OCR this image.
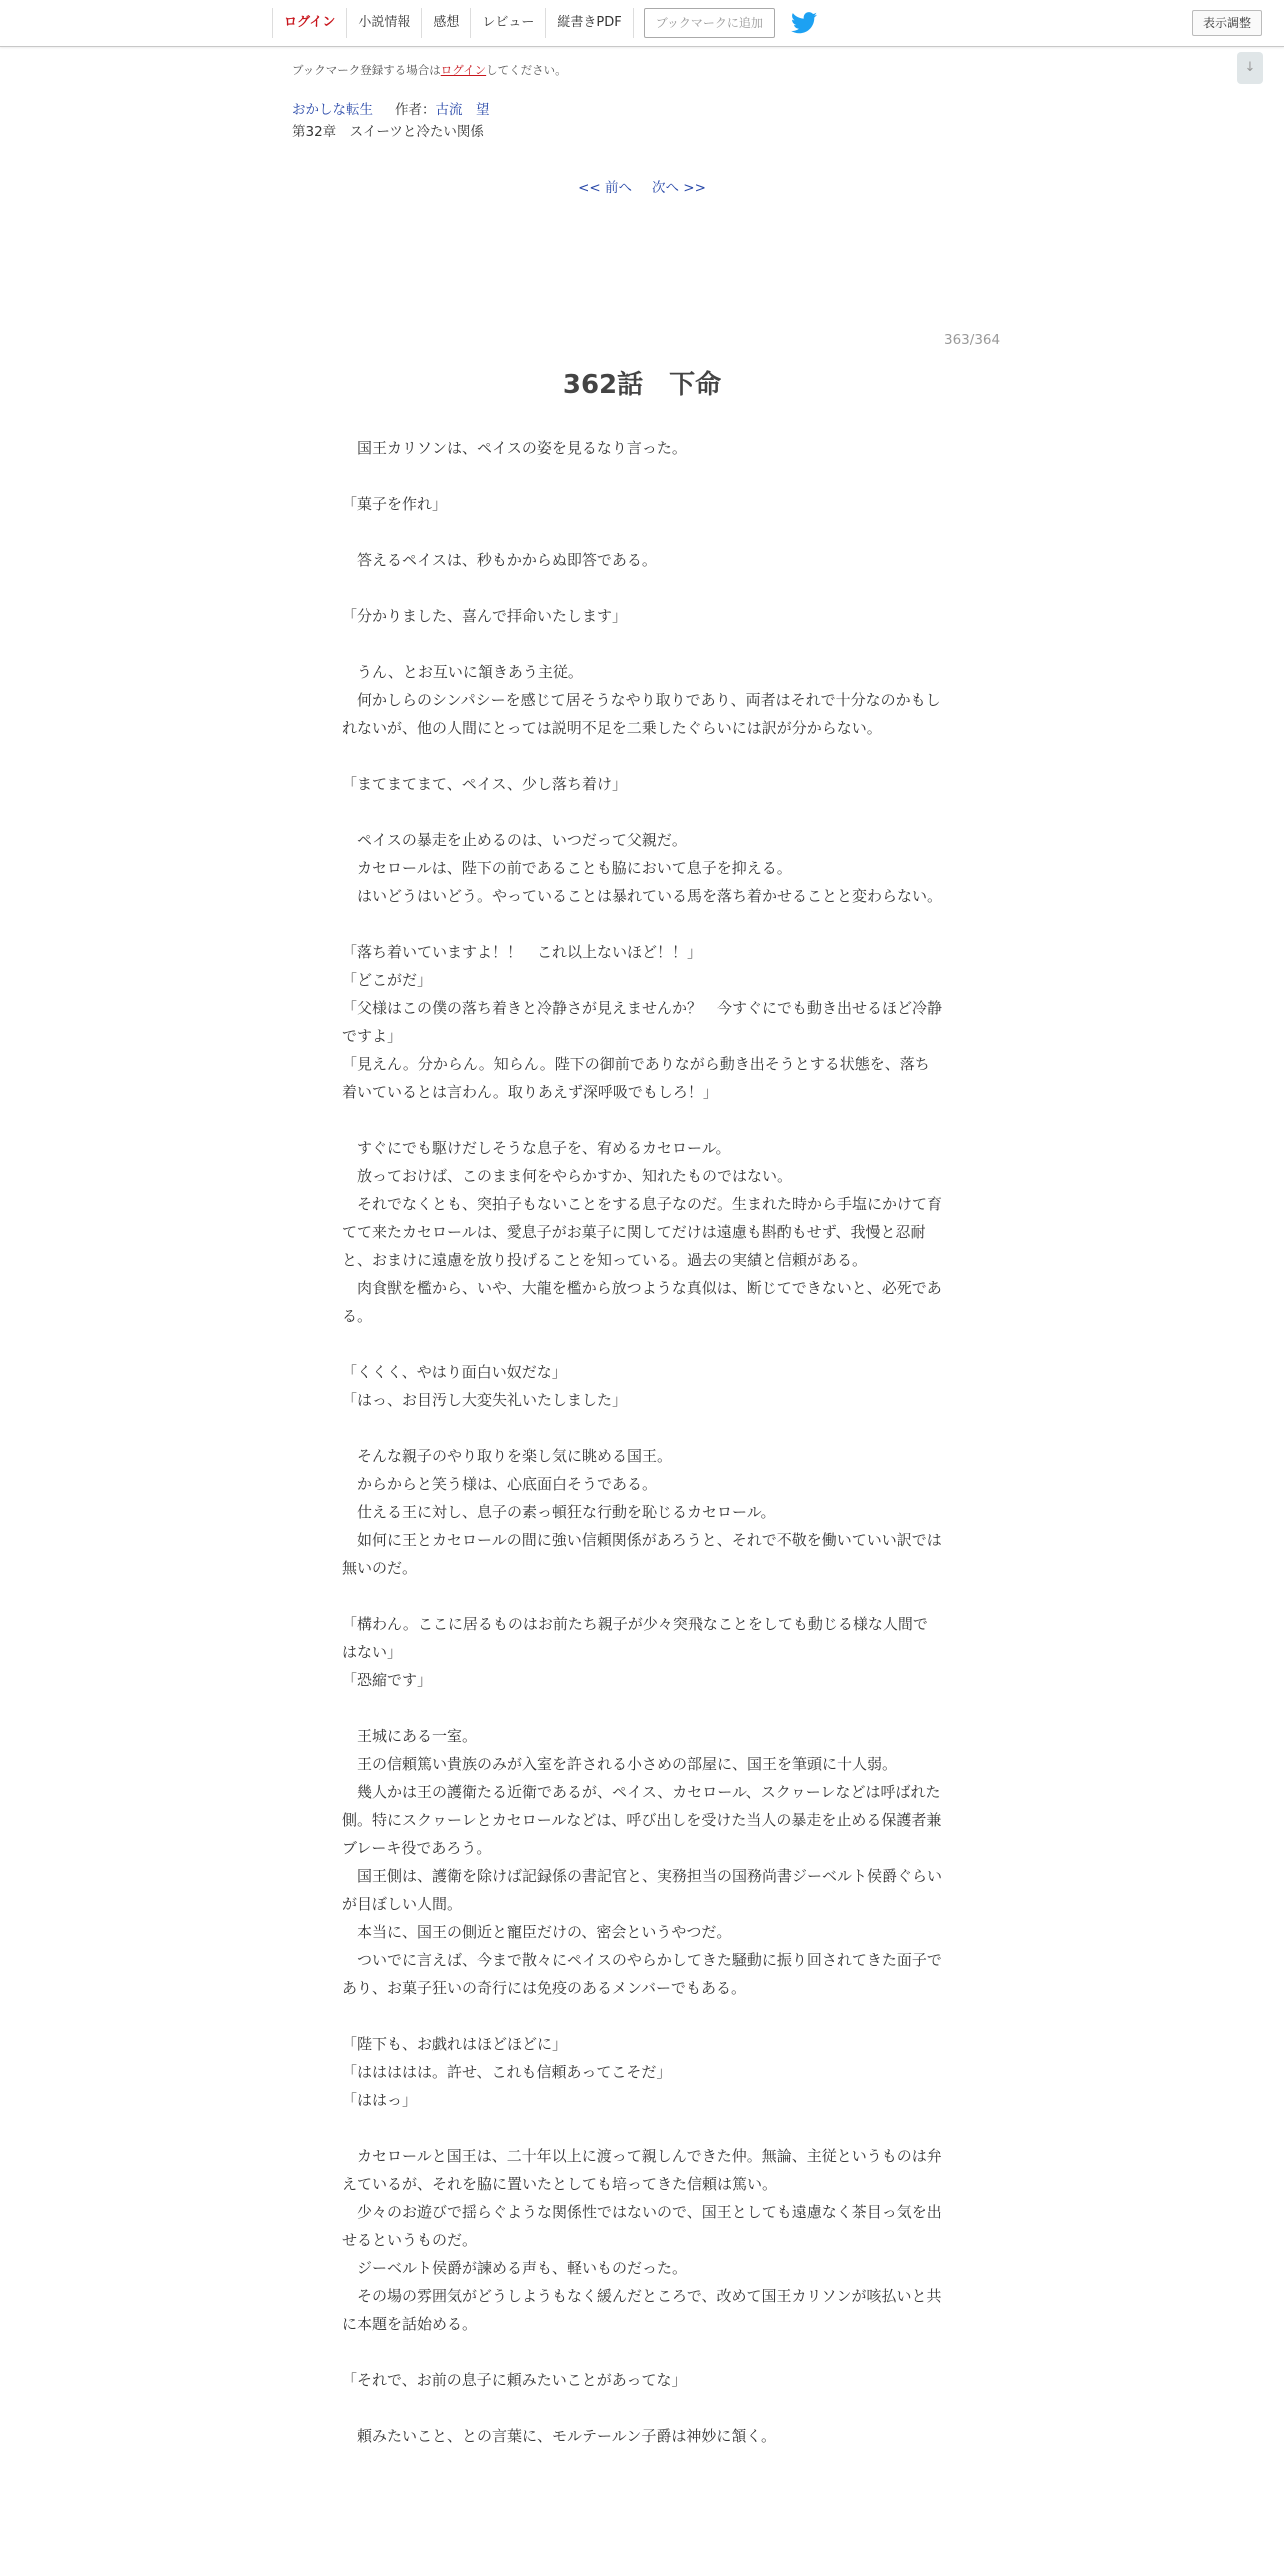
ログイン	小説情報	感想	レビュー	縦書きPDF	ブックマークに追加	表示調整
↓
ブックマーク登録する場合はログインしてください。
おかしな転生 作者：古流　望
第32章　スイーツと冷たい関係
<< 前へ 次へ >>
363/364
362話　下命

　国王カリソンは、ペイスの姿を見るなり言った。

「菓子を作れ」

　答えるペイスは、秒もかからぬ即答である。

「分かりました、喜んで拝命いたします」

　うん、とお互いに頷きあう主従。

　何かしらのシンパシーを感じて居そうなやり取りであり、両者はそれで十分なのかもしれないが、他の人間にとっては説明不足を二乗したぐらいには訳が分からない。

「まてまてまて、ペイス、少し落ち着け」

　ペイスの暴走を止めるのは、いつだって父親だ。

　カセロールは、陛下の前であることも脇において息子を抑える。

　はいどうはいどう。やっていることは暴れている馬を落ち着かせることと変わらない。

「落ち着いていますよ！！　これ以上ないほど！！」

「どこがだ」

「父様はこの僕の落ち着きと冷静さが見えませんか？　今すぐにでも動き出せるほど冷静ですよ」

「見えん。分からん。知らん。陛下の御前でありながら動き出そうとする状態を、落ち着いているとは言わん。取りあえず深呼吸でもしろ！」

　すぐにでも駆けだしそうな息子を、宥めるカセロール。

　放っておけば、このまま何をやらかすか、知れたものではない。

　それでなくとも、突拍子もないことをする息子なのだ。生まれた時から手塩にかけて育てて来たカセロールは、愛息子がお菓子に関してだけは遠慮も斟酌もせず、我慢と忍耐と、おまけに遠慮を放り投げることを知っている。過去の実績と信頼がある。

　肉食獣を檻から、いや、大龍を檻から放つような真似は、断じてできないと、必死である。

「くくく、やはり面白い奴だな」

「はっ、お目汚し大変失礼いたしました」

　そんな親子のやり取りを楽し気に眺める国王。

　からからと笑う様は、心底面白そうである。

　仕える王に対し、息子の素っ頓狂な行動を恥じるカセロール。

　如何に王とカセロールの間に強い信頼関係があろうと、それで不敬を働いていい訳では無いのだ。

「構わん。ここに居るものはお前たち親子が少々突飛なことをしても動じる様な人間ではない」

「恐縮です」

　王城にある一室。

　王の信頼篤い貴族のみが入室を許される小さめの部屋に、国王を筆頭に十人弱。

　幾人かは王の護衛たる近衛であるが、ペイス、カセロール、スクヮーレなどは呼ばれた側。特にスクヮーレとカセロールなどは、呼び出しを受けた当人の暴走を止める保護者兼ブレーキ役であろう。

　国王側は、護衛を除けば記録係の書記官と、実務担当の国務尚書ジーベルト侯爵ぐらいが目ぼしい人間。

　本当に、国王の側近と寵臣だけの、密会というやつだ。

　ついでに言えば、今まで散々にペイスのやらかしてきた騒動に振り回されてきた面子であり、お菓子狂いの奇行には免疫のあるメンバーでもある。

「陛下も、お戯れはほどほどに」

「ははははは。許せ、これも信頼あってこそだ」

「ははっ」

　カセロールと国王は、二十年以上に渡って親しんできた仲。無論、主従というものは弁えているが、それを脇に置いたとしても培ってきた信頼は篤い。

　少々のお遊びで揺らぐような関係性ではないので、国王としても遠慮なく茶目っ気を出せるというものだ。

　ジーベルト侯爵が諫める声も、軽いものだった。

　その場の雰囲気がどうしようもなく緩んだところで、改めて国王カリソンが咳払いと共に本題を話始める。

「それで、お前の息子に頼みたいことがあってな」

　頼みたいこと、との言葉に、モルテールン子爵は神妙に頷く。
